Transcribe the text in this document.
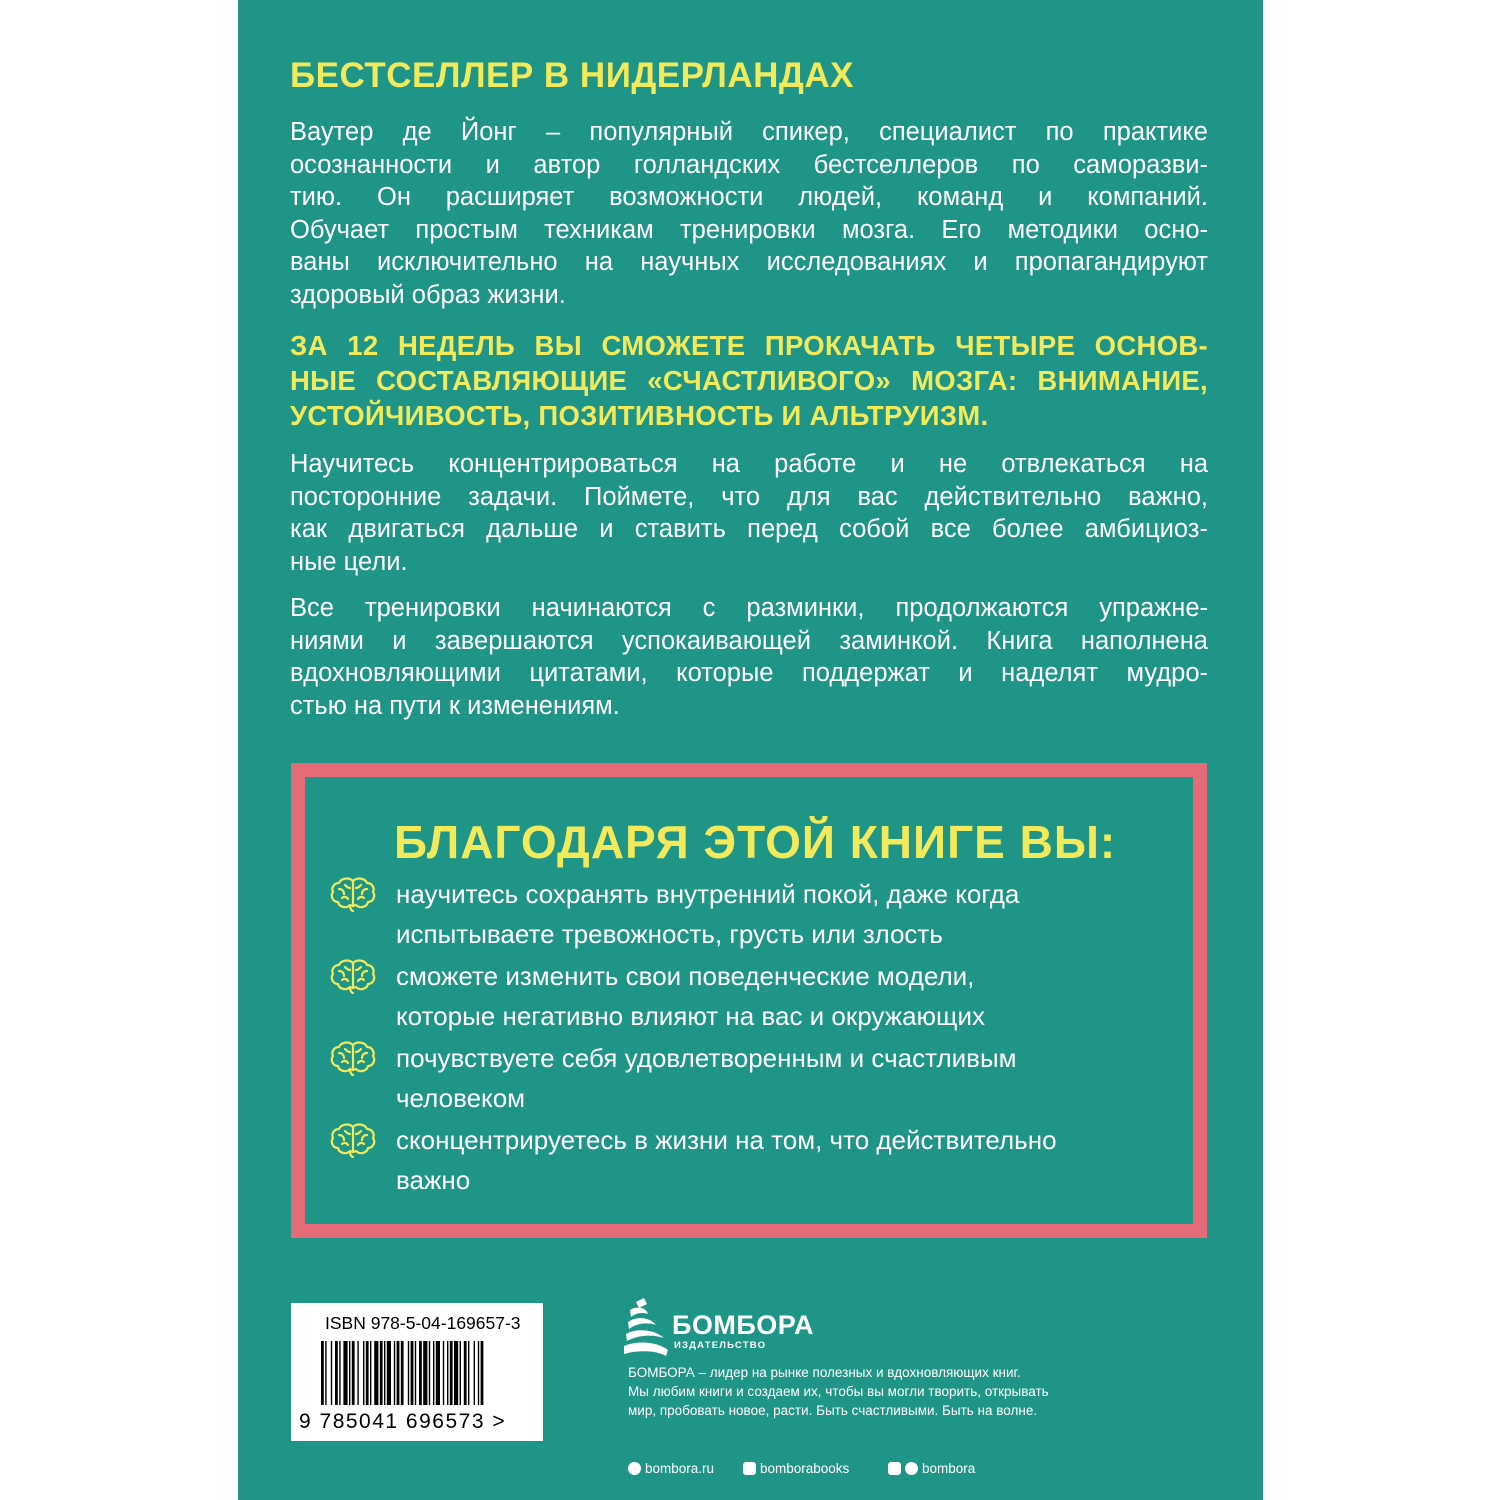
БЕСТСЕЛЛЕР В НИДЕРЛАНДАХ

Ваутер де Йонг – популярный спикер, специалист по практике
осознанности и автор голландских бестселлеров по саморазви-
тию. Он расширяет возможности людей, команд и компаний.
Обучает простым техникам тренировки мозга. Его методики осно-
ваны исключительно на научных исследованиях и пропагандируют
здоровый образ жизни.

ЗА 12 НЕДЕЛЬ ВЫ СМОЖЕТЕ ПРОКАЧАТЬ ЧЕТЫРЕ ОСНОВ-
НЫЕ СОСТАВЛЯЮЩИЕ «СЧАСТЛИВОГО» МОЗГА: ВНИМАНИЕ,
УСТОЙЧИВОСТЬ, ПОЗИТИВНОСТЬ И АЛЬТРУИЗМ.

Научитесь концентрироваться на работе и не отвлекаться на
посторонние задачи. Поймете, что для вас действительно важно,
как двигаться дальше и ставить перед собой все более амбициоз-
ные цели.

Все тренировки начинаются с разминки, продолжаются упражне-
ниями и завершаются успокаивающей заминкой. Книга наполнена
вдохновляющими цитатами, которые поддержат и наделят мудро-
стью на пути к изменениям.

БЛАГОДАРЯ ЭТОЙ КНИГЕ ВЫ:
научитесь сохранять внутренний покой, даже когда
испытываете тревожность, грусть или злость
сможете изменить свои поведенческие модели,
которые негативно влияют на вас и окружающих
почувствуете себя удовлетворенным и счастливым
человеком
сконцентрируетесь в жизни на том, что действительно
важно

ISBN 978-5-04-169657-3

9 785041 696573 >

БОМБОРА

ИЗДАТЕЛЬСТВО

БОМБОРА – лидер на рынке полезных и вдохновляющих книг.
Мы любим книги и создаем их, чтобы вы могли творить, открывать
мир, пробовать новое, расти. Быть счастливыми. Быть на волне.

bombora.ru	bomborabooks	bombora
